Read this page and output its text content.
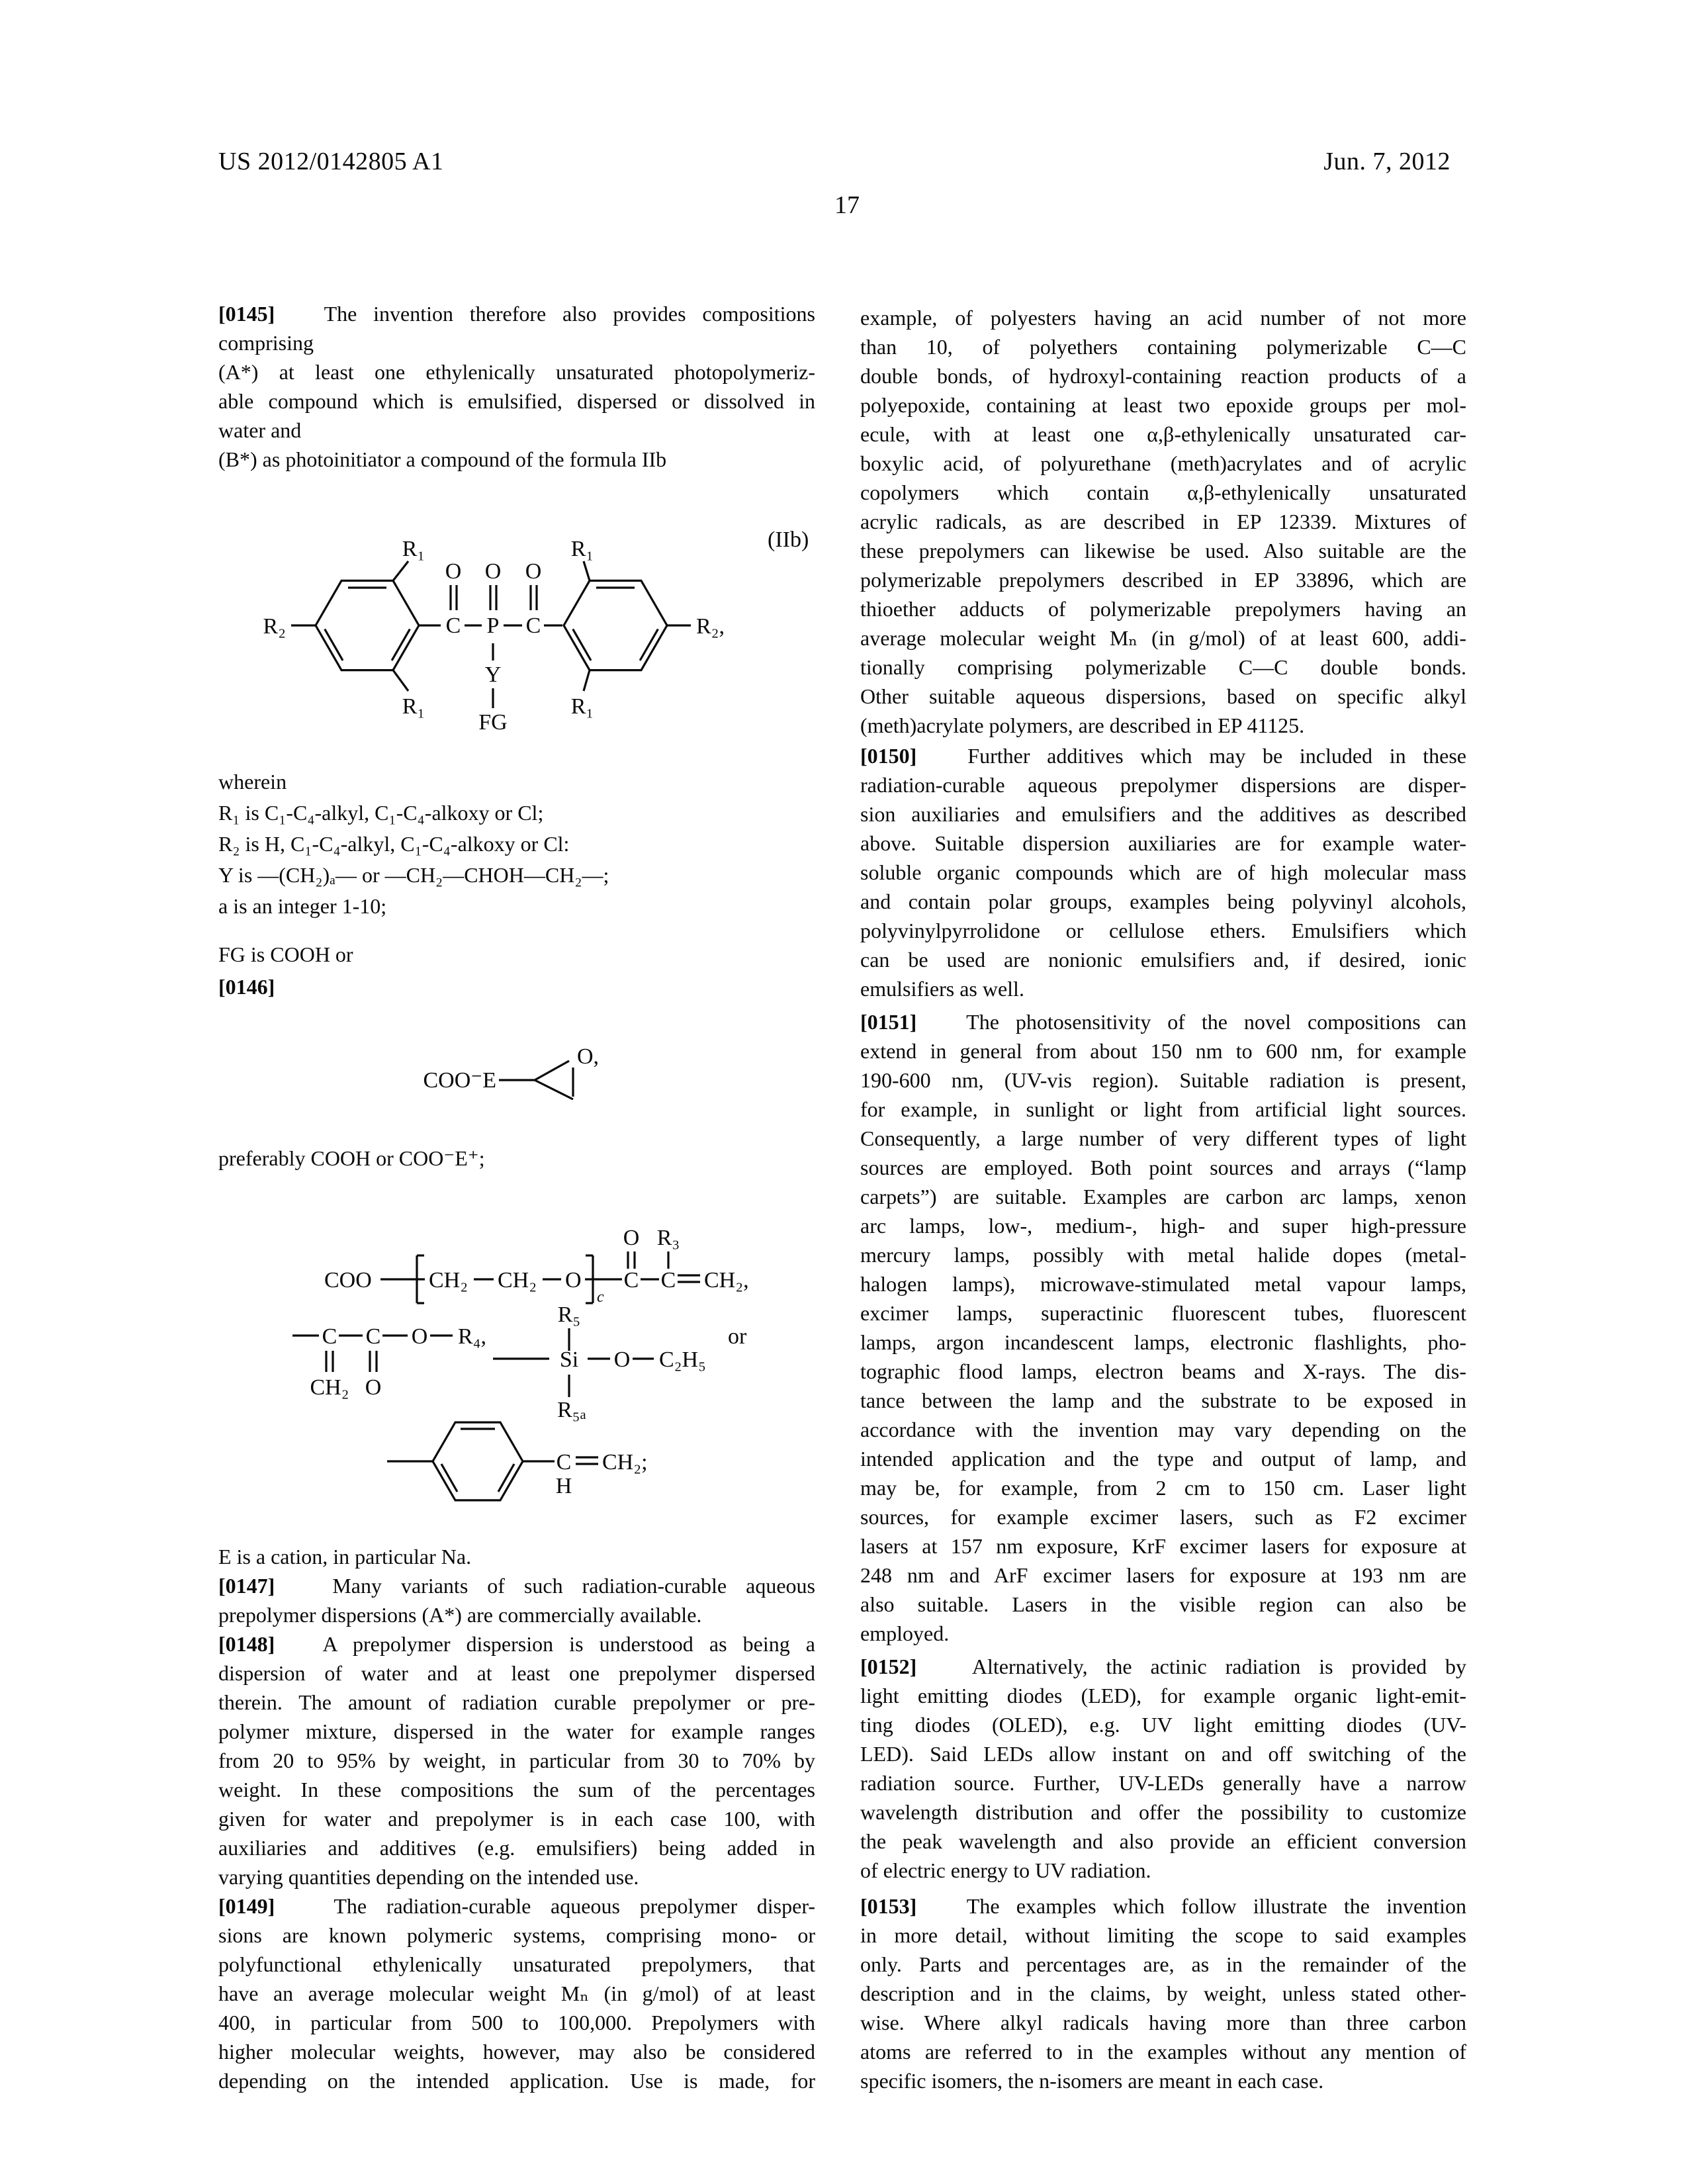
US 2012/0142805 A1	Jun. 7, 2012
17
[0145]   The invention therefore also provides compositions
comprising
(A*) at least one ethylenically unsaturated photopolymeriz-
able compound which is emulsified, dispersed or dissolved in
water and
(B*) as photoinitiator a compound of the formula IIb
(IIb)
R₂
R₁
R₁
O O O
C P C
Y
FG
R₁
R₁
R₂,
wherein
R₁ is C₁-C₄-alkyl, C₁-C₄-alkoxy or Cl;
R₂ is H, C₁-C₄-alkyl, C₁-C₄-alkoxy or Cl:
Y is —(CH₂)ₐ— or —CH₂—CHOH—CH₂—;
a is an integer 1-10;
FG is COOH or
[0146]
COO⁻E
O,
preferably COOH or COO⁻E⁺;
COO	CH₂ CH₂ O
c
O R₃
C C CH₂,
C C O R₄,
CH₂ O
R₅
Si O C₂H₅
R₅ₐ
or
C
H
CH₂;
E is a cation, in particular Na.
[0147]   Many variants of such radiation-curable aqueous
prepolymer dispersions (A*) are commercially available.
[0148]   A prepolymer dispersion is understood as being a
dispersion of water and at least one prepolymer dispersed
therein. The amount of radiation curable prepolymer or pre-
polymer mixture, dispersed in the water for example ranges
from 20 to 95% by weight, in particular from 30 to 70% by
weight. In these compositions the sum of the percentages
given for water and prepolymer is in each case 100, with
auxiliaries and additives (e.g. emulsifiers) being added in
varying quantities depending on the intended use.
[0149]   The radiation-curable aqueous prepolymer disper-
sions are known polymeric systems, comprising mono- or
polyfunctional ethylenically unsaturated prepolymers, that
have an average molecular weight Mₙ (in g/mol) of at least
400, in particular from 500 to 100,000. Prepolymers with
higher molecular weights, however, may also be considered
depending on the intended application. Use is made, for
example, of polyesters having an acid number of not more
than 10, of polyethers containing polymerizable C—C
double bonds, of hydroxyl-containing reaction products of a
polyepoxide, containing at least two epoxide groups per mol-
ecule, with at least one α,β-ethylenically unsaturated car-
boxylic acid, of polyurethane (meth)acrylates and of acrylic
copolymers which contain α,β-ethylenically unsaturated
acrylic radicals, as are described in EP 12339. Mixtures of
these prepolymers can likewise be used. Also suitable are the
polymerizable prepolymers described in EP 33896, which are
thioether adducts of polymerizable prepolymers having an
average molecular weight Mₙ (in g/mol) of at least 600, addi-
tionally comprising polymerizable C—C double bonds.
Other suitable aqueous dispersions, based on specific alkyl
(meth)acrylate polymers, are described in EP 41125.
[0150]   Further additives which may be included in these
radiation-curable aqueous prepolymer dispersions are disper-
sion auxiliaries and emulsifiers and the additives as described
above. Suitable dispersion auxiliaries are for example water-
soluble organic compounds which are of high molecular mass
and contain polar groups, examples being polyvinyl alcohols,
polyvinylpyrrolidone or cellulose ethers. Emulsifiers which
can be used are nonionic emulsifiers and, if desired, ionic
emulsifiers as well.
[0151]   The photosensitivity of the novel compositions can
extend in general from about 150 nm to 600 nm, for example
190-600 nm, (UV-vis region). Suitable radiation is present,
for example, in sunlight or light from artificial light sources.
Consequently, a large number of very different types of light
sources are employed. Both point sources and arrays (“lamp
carpets”) are suitable. Examples are carbon arc lamps, xenon
arc lamps, low-, medium-, high- and super high-pressure
mercury lamps, possibly with metal halide dopes (metal-
halogen lamps), microwave-stimulated metal vapour lamps,
excimer lamps, superactinic fluorescent tubes, fluorescent
lamps, argon incandescent lamps, electronic flashlights, pho-
tographic flood lamps, electron beams and X-rays. The dis-
tance between the lamp and the substrate to be exposed in
accordance with the invention may vary depending on the
intended application and the type and output of lamp, and
may be, for example, from 2 cm to 150 cm. Laser light
sources, for example excimer lasers, such as F2 excimer
lasers at 157 nm exposure, KrF excimer lasers for exposure at
248 nm and ArF excimer lasers for exposure at 193 nm are
also suitable. Lasers in the visible region can also be
employed.
[0152]   Alternatively, the actinic radiation is provided by
light emitting diodes (LED), for example organic light-emit-
ting diodes (OLED), e.g. UV light emitting diodes (UV-
LED). Said LEDs allow instant on and off switching of the
radiation source. Further, UV-LEDs generally have a narrow
wavelength distribution and offer the possibility to customize
the peak wavelength and also provide an efficient conversion
of electric energy to UV radiation.
[0153]   The examples which follow illustrate the invention
in more detail, without limiting the scope to said examples
only. Parts and percentages are, as in the remainder of the
description and in the claims, by weight, unless stated other-
wise. Where alkyl radicals having more than three carbon
atoms are referred to in the examples without any mention of
specific isomers, the n-isomers are meant in each case.
